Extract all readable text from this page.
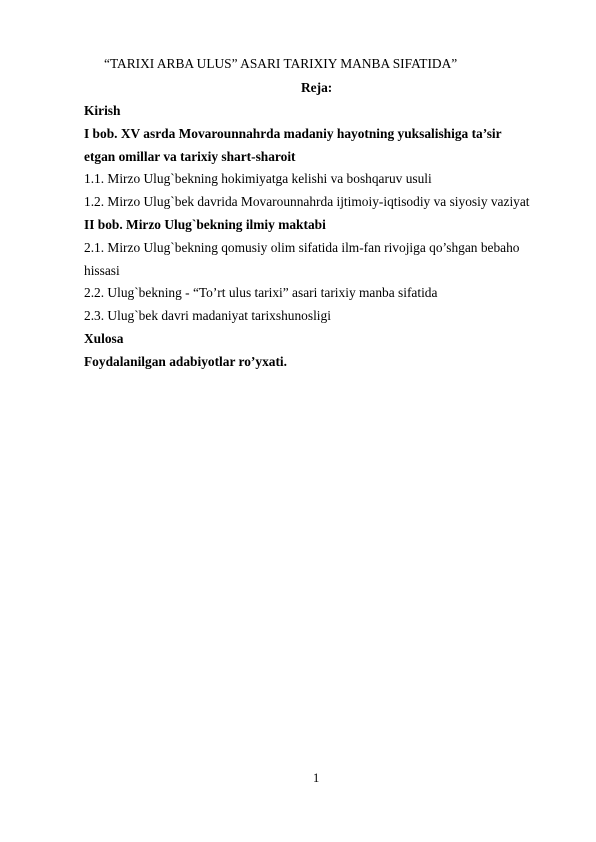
“TARIXI ARBA ULUS” ASARI TARIXIY MANBA SIFATIDA”
Reja:
Kirish
I bob. XV asrda Movarounnahrda madaniy hayotning yuksalishiga ta’sir
etgan omillar va tarixiy shart-sharoit
1.1. Mirzo Ulug`bekning hokimiyatga kelishi va boshqaruv usuli
1.2. Mirzo Ulug`bek davrida Movarounnahrda ijtimoiy-iqtisodiy va siyosiy vaziyat
II bob. Mirzo Ulug`bekning ilmiy maktabi
2.1. Mirzo Ulug`bekning qomusiy olim sifatida ilm-fan rivojiga qo’shgan bebaho
hissasi
2.2. Ulug`bekning - “To’rt ulus tarixi” asari tarixiy manba sifatida
2.3. Ulug`bek davri madaniyat tarixshunosligi
Xulosa
Foydalanilgan adabiyotlar ro’yxati.
1
